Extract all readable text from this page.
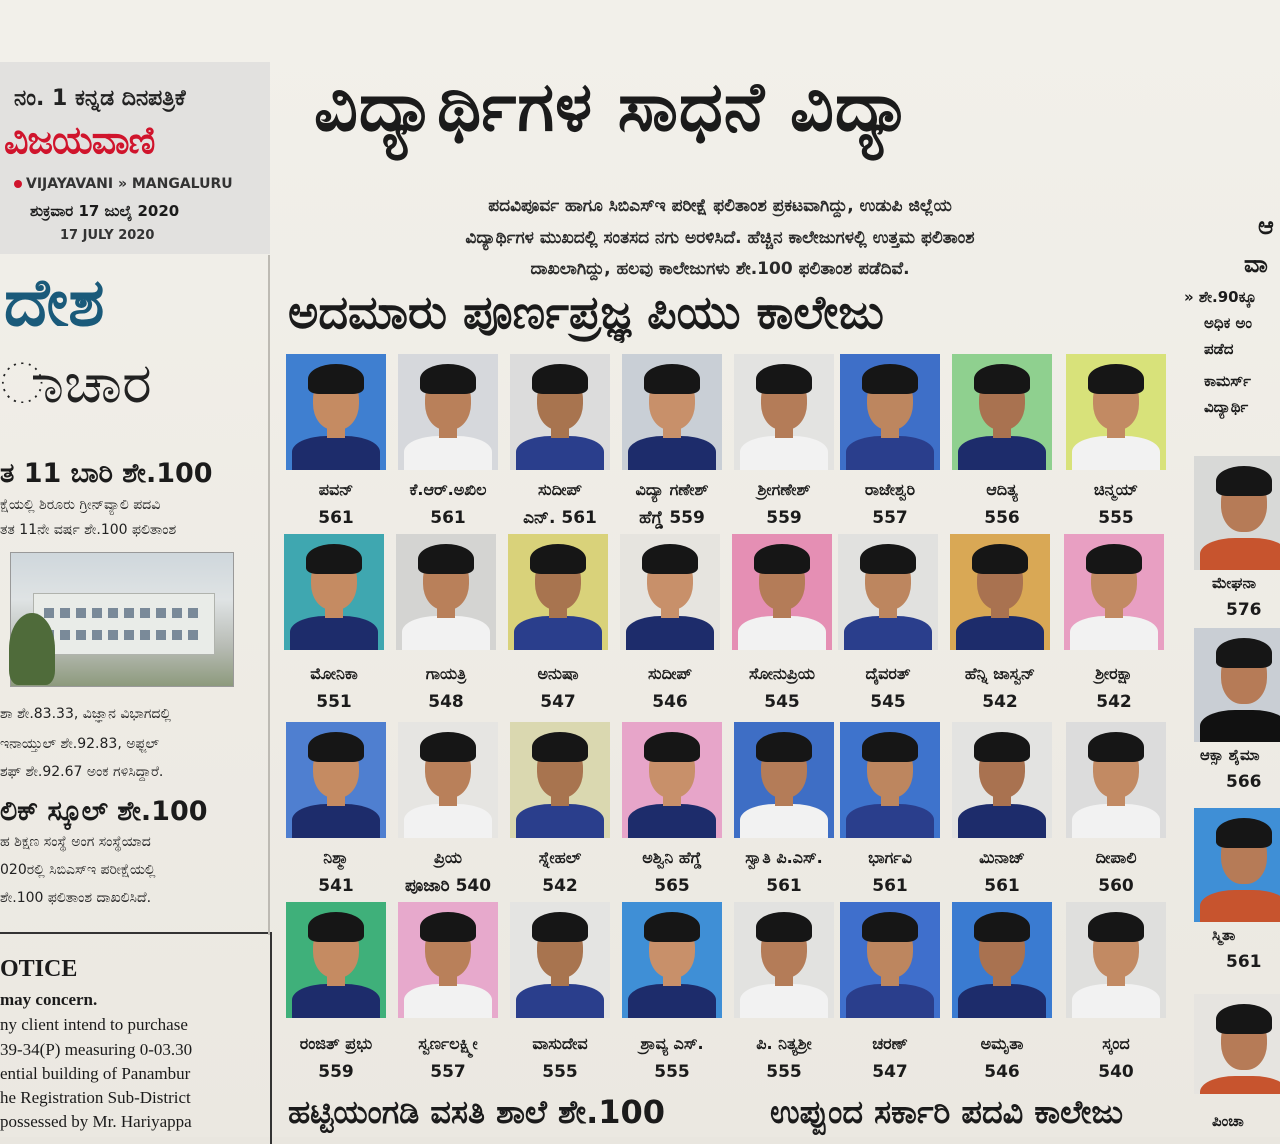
ನಂ. 1 ಕನ್ನಡ ದಿನಪತ್ರಿಕೆ
ವಿಜಯವಾಣಿ
VIJAYAVANI » MANGALURU
ಶುಕ್ರವಾರ 17 ಜುಲೈ 2020
17 JULY 2020
ದೇಶ
ಾಚಾರ
ತ 11 ಬಾರಿ ಶೇ.100
ಕ್ಷೆಯಲ್ಲಿ ಶಿರೂರು ಗ್ರೀನ್‌ವ್ಯಾಲಿ ಪದವಿ
ತತ 11ನೇ ವರ್ಷ ಶೇ.100 ಫಲಿತಾಂಶ
ಶಾ ಶೇ.83.33, ವಿಜ್ಞಾನ ವಿಭಾಗದಲ್ಲಿ
ಇನಾಯ್ತುಲ್ ಶೇ.92.83, ಅಫ್ಜಲ್
ಶಫ್ ಶೇ.92.67 ಅಂಕ ಗಳಿಸಿದ್ದಾರೆ.
ಲಿಕ್ ಸ್ಕೂಲ್ ಶೇ.100
ಹ ಶಿಕ್ಷಣ ಸಂಸ್ಥೆ ಅಂಗ ಸಂಸ್ಥೆಯಾದ
020ರಲ್ಲಿ ಸಿಬಿಎಸ್‌ಇ ಪರೀಕ್ಷೆಯಲ್ಲಿ
ಶೇ.100 ಫಲಿತಾಂಶ ದಾಖಲಿಸಿದೆ.
OTICE
may concern.
ny client intend to purchase
39-34(P) measuring 0-03.30
ential building of Panambur
he Registration Sub-District
possessed by Mr. Hariyappa
ವಿದ್ಯಾರ್ಥಿಗಳ ಸಾಧನೆ ವಿದ್ಯಾ
ಪದವಿಪೂರ್ವ ಹಾಗೂ ಸಿಬಿಎಸ್‌ಇ ಪರೀಕ್ಷೆ ಫಲಿತಾಂಶ ಪ್ರಕಟವಾಗಿದ್ದು, ಉಡುಪಿ ಜಿಲ್ಲೆಯ
ವಿದ್ಯಾರ್ಥಿಗಳ ಮುಖದಲ್ಲಿ ಸಂತಸದ ನಗು ಅರಳಿಸಿದೆ. ಹೆಚ್ಚಿನ ಕಾಲೇಜುಗಳಲ್ಲಿ ಉತ್ತಮ ಫಲಿತಾಂಶ
ದಾಖಲಾಗಿದ್ದು, ಹಲವು ಕಾಲೇಜುಗಳು ಶೇ.100 ಫಲಿತಾಂಶ ಪಡೆದಿವೆ.
ಅದಮಾರು ಪೂರ್ಣಪ್ರಜ್ಞ ಪಿಯು ಕಾಲೇಜು
ಪವನ್
561
ಕೆ.ಆರ್.ಅಖಿಲ
561
ಸುದೀಪ್
ಎನ್. 561
ವಿದ್ಯಾ ಗಣೇಶ್
ಹೆಗ್ಡೆ 559
ಶ್ರೀಗಣೇಶ್
559
ರಾಜೇಶ್ವರಿ
557
ಆದಿತ್ಯ
556
ಚಿನ್ಮಯ್
555
ಮೋನಿಕಾ
551
ಗಾಯತ್ರಿ
548
ಅನುಷಾ
547
ಸುದೀಪ್
546
ಸೋನುಪ್ರಿಯ
545
ದೈವರತ್
545
ಹೆನ್ನಿ ಜಾಸ್ವನ್
542
ಶ್ರೀರಕ್ಷಾ
542
ನಿಶ್ಮಾ
541
ಪ್ರಿಯ
ಪೂಜಾರಿ 540
ಸ್ನೇಹಲ್
542
ಅಶ್ವಿನಿ ಹೆಗ್ಡೆ
565
ಸ್ವಾತಿ ಪಿ.ಎಸ್.
561
ಭಾರ್ಗವಿ
561
ಮಿನಾಜ್
561
ದೀಪಾಲಿ
560
ರಂಜಿತ್ ಪ್ರಭು
559
ಸ್ವರ್ಣಲಕ್ಷ್ಮೀ
557
ವಾಸುದೇವ
555
ಶ್ರಾವ್ಯ ಎಸ್.
555
ಪಿ. ನಿತ್ಯಶ್ರೀ
555
ಚರಣ್
547
ಅಮೃತಾ
546
ಸ್ಕಂದ
540
ಹಟ್ಟಿಯಂಗಡಿ ವಸತಿ ಶಾಲೆ ಶೇ.100	ಉಪ್ಪುಂದ ಸರ್ಕಾರಿ ಪದವಿ ಕಾಲೇಜು
ಆ
ವಾ
» ಶೇ.90ಕ್ಕೂ
ಅಧಿಕ ಅಂ
ಪಡೆದ
ಕಾಮರ್ಸ್
ವಿದ್ಯಾರ್ಥಿ
ಮೇಘನಾ
576
ಆಕ್ಸಾ ಶೈಮಾ
566
ಸ್ಮಿತಾ
561
ಪಿಂಚಾ
